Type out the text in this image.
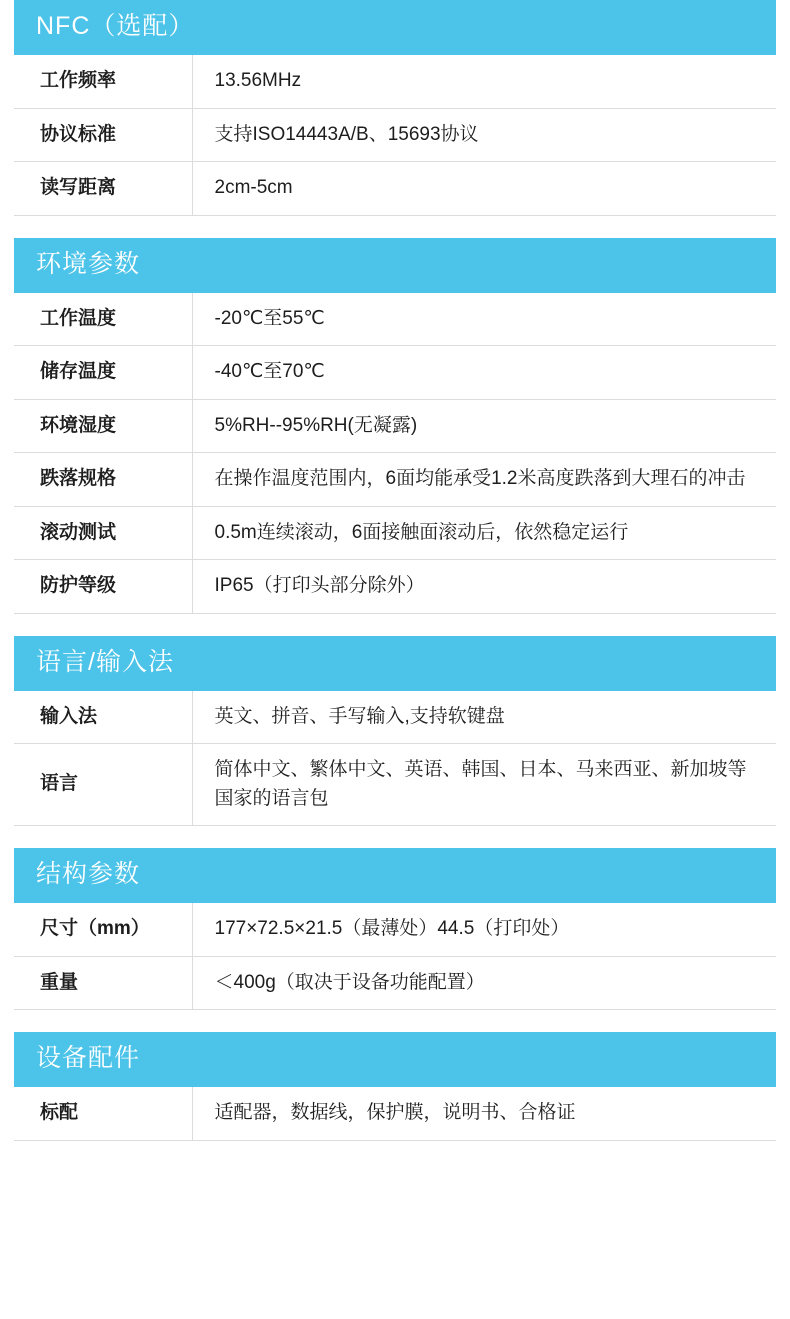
NFC（选配）
工作频率	13.56MHz
协议标准	支持ISO14443A/B、15693协议
读写距离	2cm-5cm
环境参数
工作温度	-20℃至55℃
储存温度	-40℃至70℃
环境湿度	5%RH--95%RH(无凝露)
跌落规格	在操作温度范围内，6面均能承受1.2米高度跌落到大理石的冲击
滚动测试	0.5m连续滚动，6面接触面滚动后，依然稳定运行
防护等级	IP65（打印头部分除外）
语言/输入法
输入法	英文、拼音、手写输入,支持软键盘
语言	简体中文、繁体中文、英语、韩国、日本、马来西亚、新加坡等国家的语言包
结构参数
尺寸（mm）	177×72.5×21.5（最薄处）44.5（打印处）
重量	＜400g（取决于设备功能配置）
设备配件
标配	适配器，数据线，保护膜，说明书、合格证
